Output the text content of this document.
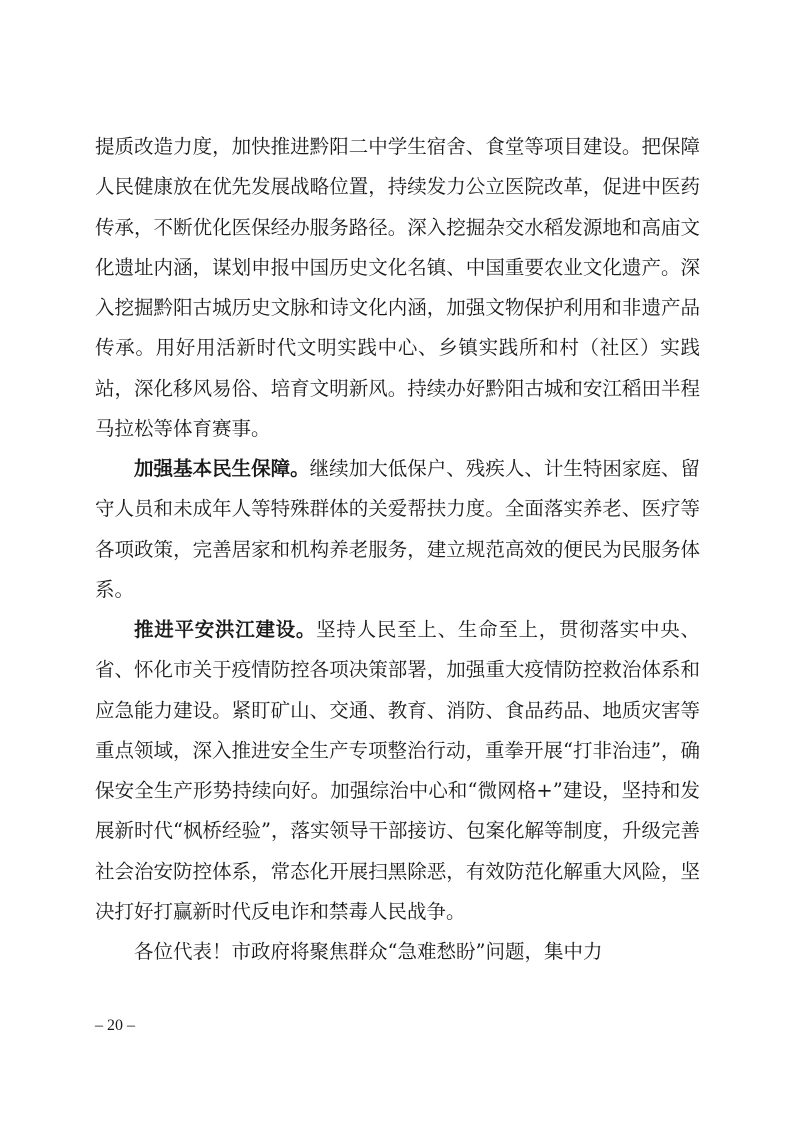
提质改造力度，加快推进黔阳二中学生宿舍、食堂等项目建设。把保障人民健康放在优先发展战略位置，持续发力公立医院改革，促进中医药传承，不断优化医保经办服务路径。深入挖掘杂交水稻发源地和高庙文化遗址内涵，谋划申报中国历史文化名镇、中国重要农业文化遗产。深入挖掘黔阳古城历史文脉和诗文化内涵，加强文物保护利用和非遗产品传承。用好用活新时代文明实践中心、乡镇实践所和村（社区）实践站，深化移风易俗、培育文明新风。持续办好黔阳古城和安江稻田半程马拉松等体育赛事。

加强基本民生保障。继续加大低保户、残疾人、计生特困家庭、留守人员和未成年人等特殊群体的关爱帮扶力度。全面落实养老、医疗等各项政策，完善居家和机构养老服务，建立规范高效的便民为民服务体系。

推进平安洪江建设。坚持人民至上、生命至上，贯彻落实中央、省、怀化市关于疫情防控各项决策部署，加强重大疫情防控救治体系和应急能力建设。紧盯矿山、交通、教育、消防、食品药品、地质灾害等重点领域，深入推进安全生产专项整治行动，重拳开展“打非治违”，确保安全生产形势持续向好。加强综治中心和“微网格+”建设，坚持和发展新时代“枫桥经验”，落实领导干部接访、包案化解等制度，升级完善社会治安防控体系，常态化开展扫黑除恶，有效防范化解重大风险，坚决打好打赢新时代反电诈和禁毒人民战争。

各位代表！市政府将聚焦群众“急难愁盼”问题，集中力

– 20 –
